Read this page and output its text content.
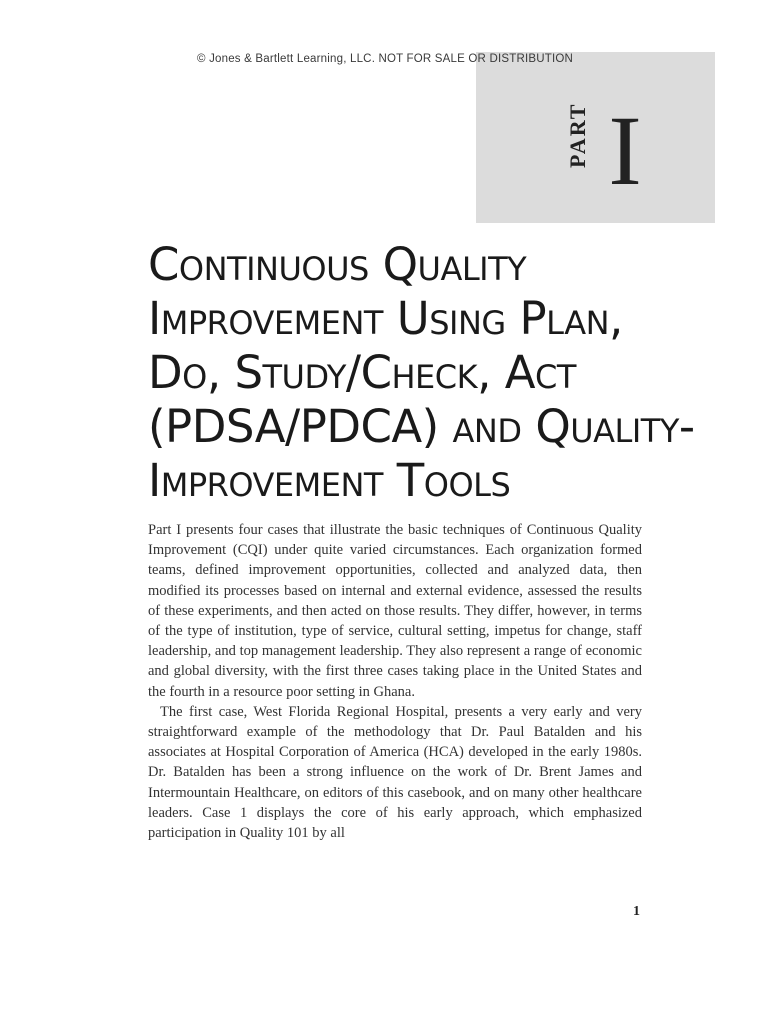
© Jones & Bartlett Learning, LLC. NOT FOR SALE OR DISTRIBUTION
PART I
Continuous Quality
Improvement Using Plan,
Do, Study/Check, Act
(PDSA/PDCA) and Quality-
Improvement Tools

Part I presents four cases that illustrate the basic techniques of Continuous Quality Improvement (CQI) under quite varied circumstances. Each organization formed teams, defined improvement opportunities, collected and analyzed data, then modified its processes based on internal and external evidence, assessed the results of these experiments, and then acted on those results. They differ, however, in terms of the type of institution, type of service, cultural setting, impetus for change, staff leadership, and top management leadership. They also represent a range of economic and global diversity, with the first three cases taking place in the United States and the fourth in a resource poor setting in Ghana.

The first case, West Florida Regional Hospital, presents a very early and very straightforward example of the methodology that Dr. Paul Batalden and his associates at Hospital Corporation of America (HCA) developed in the early 1980s. Dr. Batalden has been a strong influence on the work of Dr. Brent James and Intermountain Healthcare, on editors of this casebook, and on many other healthcare leaders. Case 1 displays the core of his early approach, which emphasized participation in Quality 101 by all

1
